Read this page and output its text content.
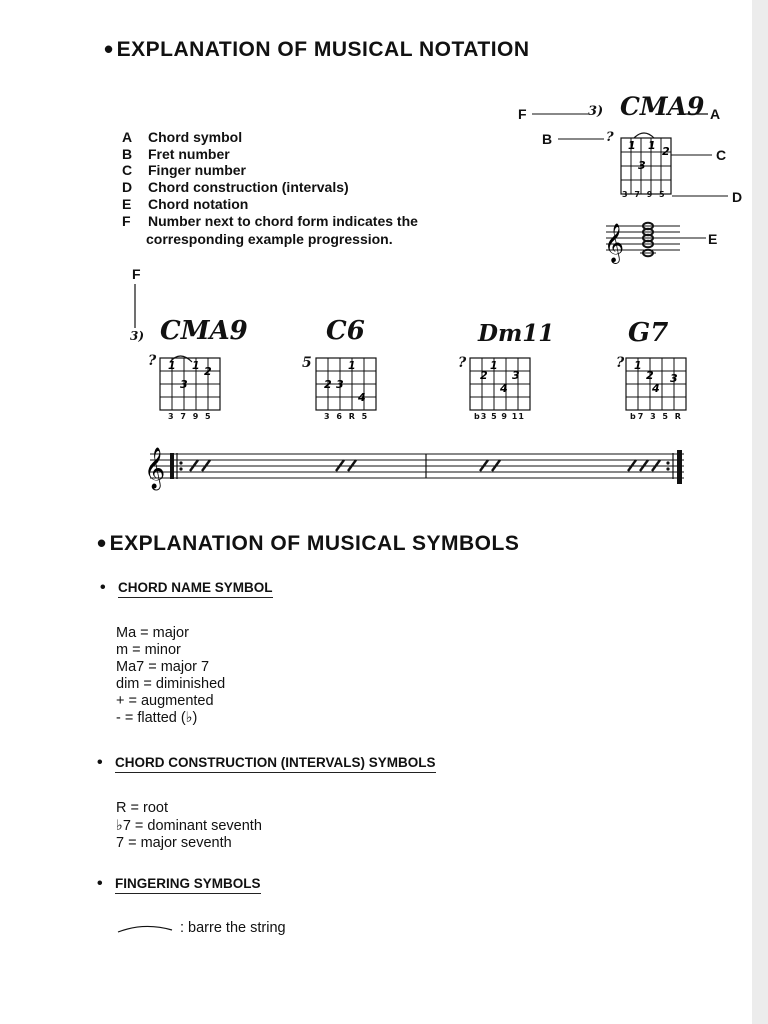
• EXPLANATION OF MUSICAL NOTATION
A Chord symbol
B Fret number
C Finger number
D Chord construction (intervals)
E Chord notation
F Number next to chord form indicates the
corresponding example progression.
F	3) CMA9 A
B	?
1 1 2
3
C
3 7 9 5	D
𝄞	E
F
3) CMA9
? 1 1
3
2
3 7 9 5
C6
5	1
2 3
4
3 6 R 5
Dm11
? 1
2 3
4
b3 5 9 11
G7
? 1
2
4
3
b7 3 5 R
𝄞
• EXPLANATION OF MUSICAL SYMBOLS
• CHORD NAME SYMBOL
Ma = major
m = minor
Ma7 = major 7
dim = diminished
+ = augmented
- = flatted (♭)
• CHORD CONSTRUCTION (INTERVALS) SYMBOLS
R = root
♭7 = dominant seventh
7 = major seventh
• FINGERING SYMBOLS
: barre the string
